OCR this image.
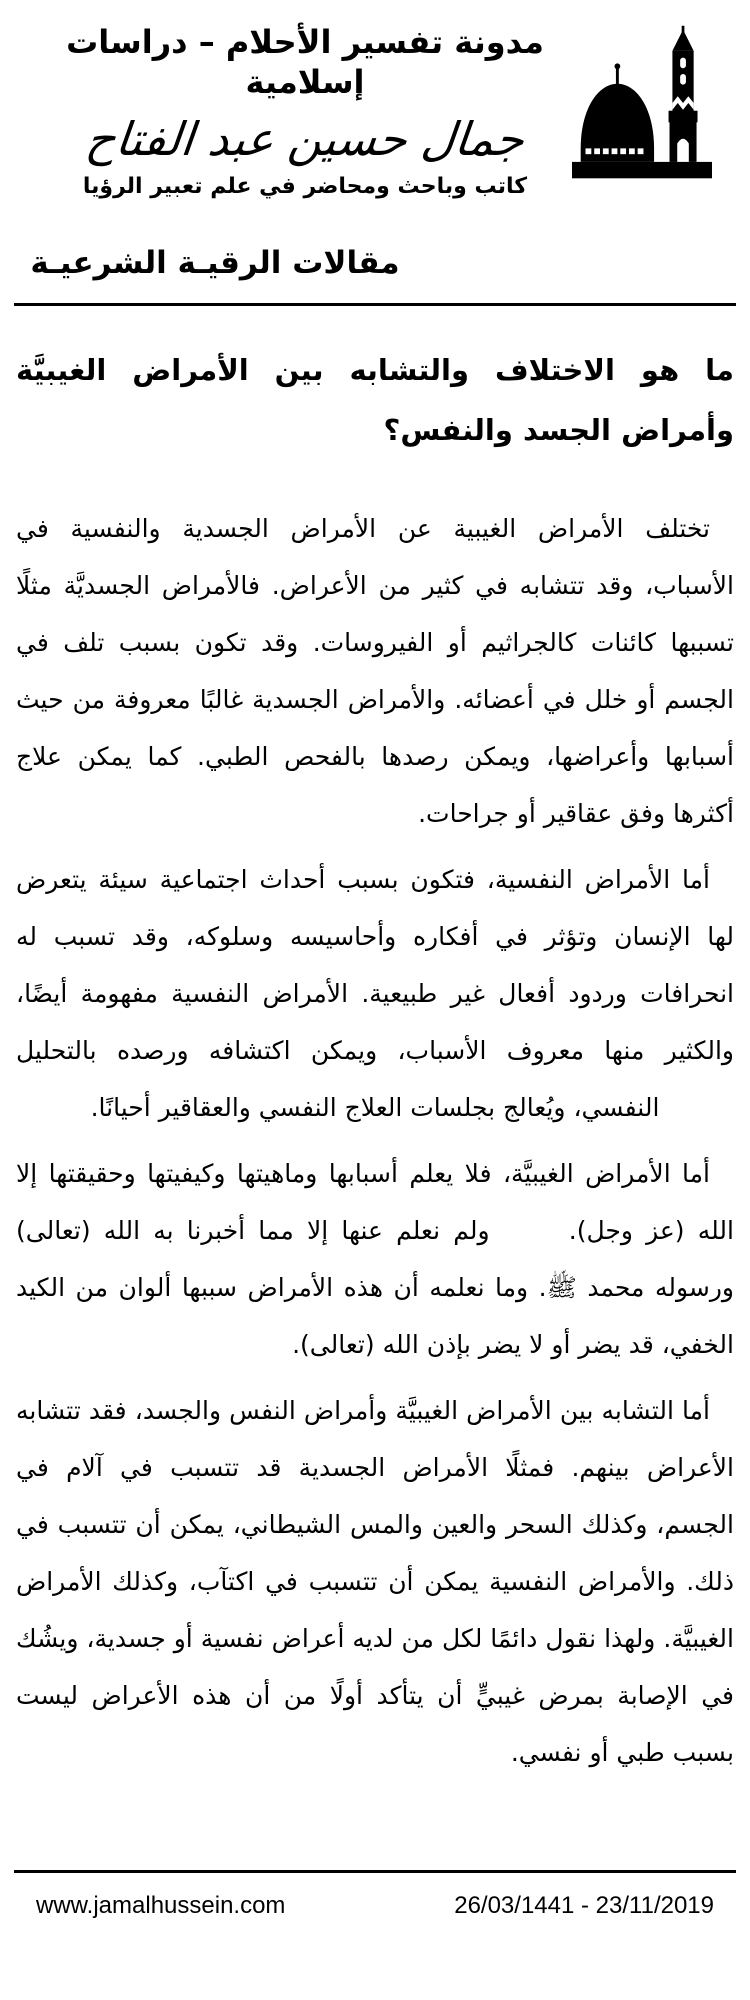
مدونة تفسير الأحلام – دراسات إسلامية
جمال حسين عبد الفتاح
كاتب وباحث ومحاضر في علم تعبير الرؤيا
مقالات الرقيـة الشرعيـة
ما هو الاختلاف والتشابه بين الأمراض الغيبيَّة وأمراض الجسد والنفس؟

تختلف الأمراض الغيبية عن الأمراض الجسدية والنفسية في الأسباب، وقد تتشابه في كثير من الأعراض. فالأمراض الجسديَّة مثلًا تسببها كائنات كالجراثيم أو الفيروسات. وقد تكون بسبب تلف في الجسم أو خلل في أعضائه. والأمراض الجسدية غالبًا معروفة من حيث أسبابها وأعراضها، ويمكن رصدها بالفحص الطبي. كما يمكن علاج أكثرها وفق عقاقير أو جراحات.

أما الأمراض النفسية، فتكون بسبب أحداث اجتماعية سيئة يتعرض لها الإنسان وتؤثر في أفكاره وأحاسيسه وسلوكه، وقد تسبب له انحرافات وردود أفعال غير طبيعية. الأمراض النفسية مفهومة أيضًا، والكثير منها معروف الأسباب، ويمكن اكتشافه ورصده بالتحليل النفسي، ويُعالج بجلسات العلاج النفسي والعقاقير أحيانًا.

أما الأمراض الغيبيَّة، فلا يعلم أسبابها وماهيتها وكيفيتها وحقيقتها إلا الله (عز وجل).      ولم نعلم عنها إلا مما أخبرنا به الله (تعالى) ورسوله محمد ﷺ. وما نعلمه أن هذه الأمراض سببها ألوان من الكيد الخفي، قد يضر أو لا يضر بإذن الله (تعالى).

أما التشابه بين الأمراض الغيبيَّة وأمراض النفس والجسد، فقد تتشابه الأعراض بينهم. فمثلًا الأمراض الجسدية قد تتسبب في آلام في الجسم، وكذلك السحر والعين والمس الشيطاني، يمكن أن تتسبب في ذلك. والأمراض النفسية يمكن أن تتسبب في اكتآب، وكذلك الأمراض الغيبيَّة. ولهذا نقول دائمًا لكل من لديه أعراض نفسية أو جسدية، ويشُك في الإصابة بمرض غيبيٍّ أن يتأكد أولًا من أن هذه الأعراض ليست بسبب طبي أو نفسي.

www.jamalhussein.com	26/03/1441 - 23/11/2019
